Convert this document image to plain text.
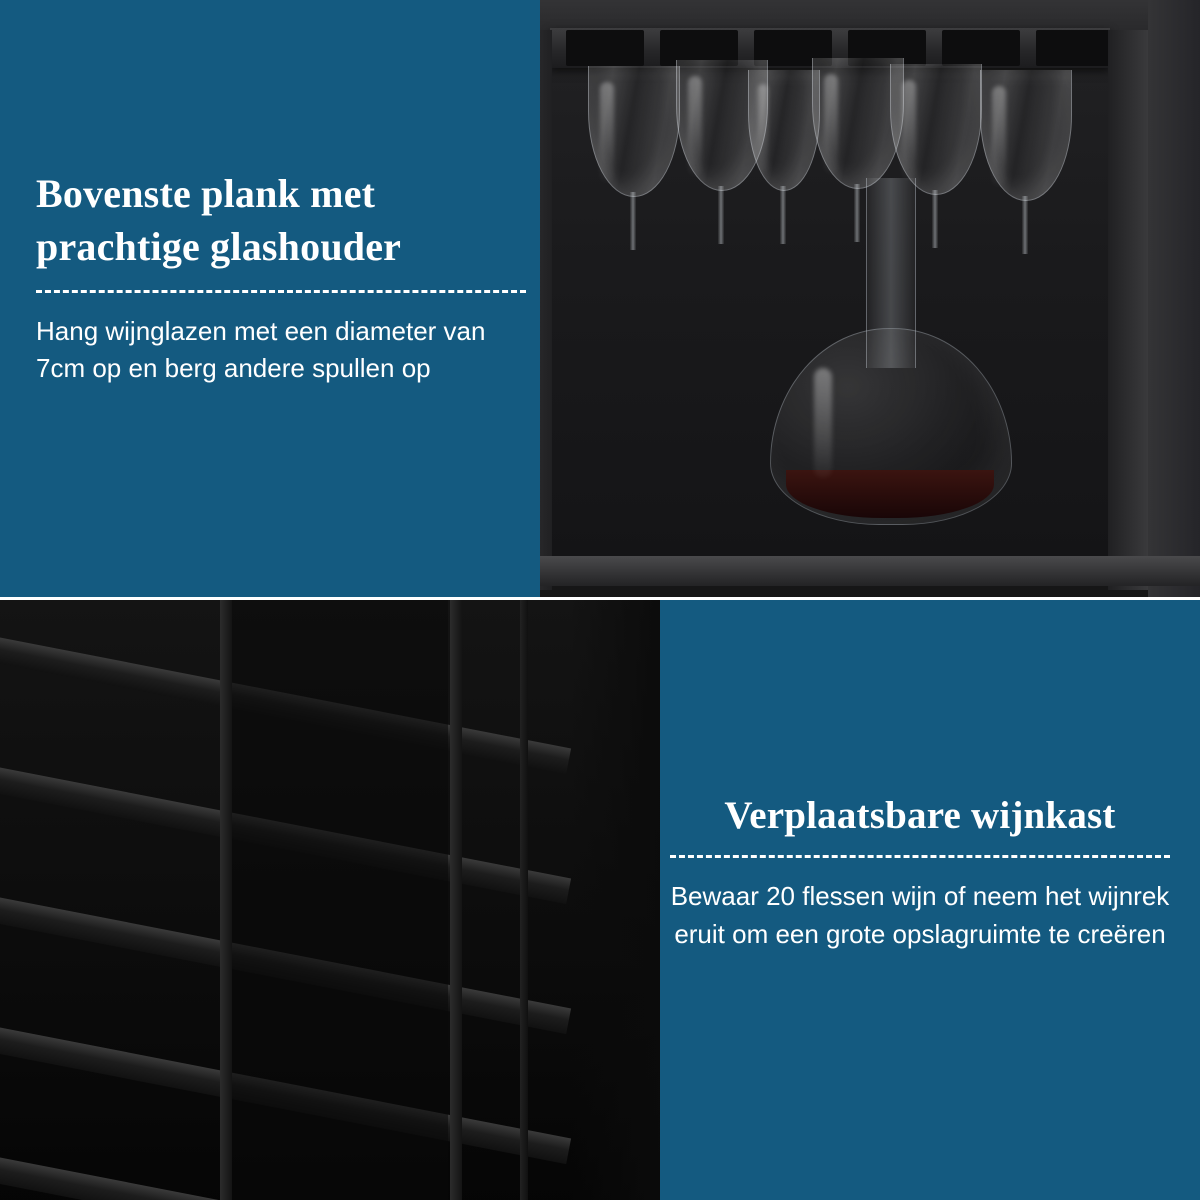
Bovenste plank met prachtige glashouder

Hang wijnglazen met een diameter van 7cm op en berg andere spullen op

Verplaatsbare wijnkast

Bewaar 20 flessen wijn of neem het wijnrek eruit om een grote opslagruimte te creëren
